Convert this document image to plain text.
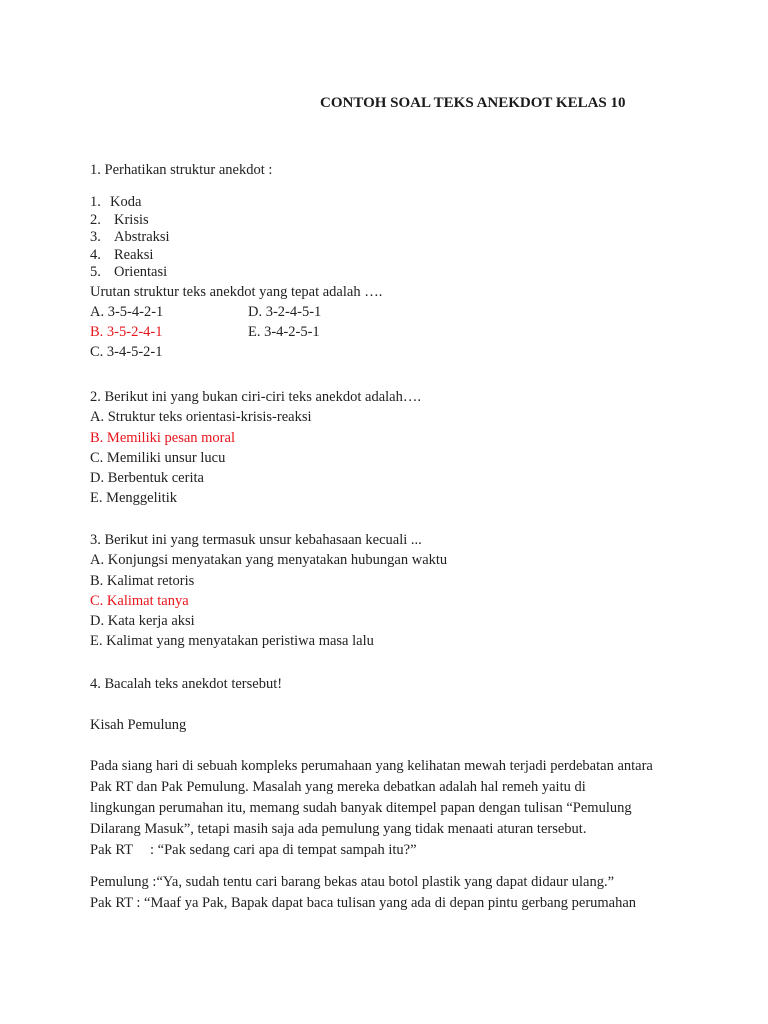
CONTOH SOAL TEKS ANEKDOT KELAS 10
1. Perhatikan struktur anekdot :
1. Koda
2. Krisis
3. Abstraksi
4. Reaksi
5. Orientasi
Urutan struktur teks anekdot yang tepat adalah ….
A. 3-5-4-2-1	D. 3-2-4-5-1
B. 3-5-2-4-1	E. 3-4-2-5-1
C. 3-4-5-2-1
2. Berikut ini yang bukan ciri-ciri teks anekdot adalah….
A. Struktur teks orientasi-krisis-reaksi
B. Memiliki pesan moral
C. Memiliki unsur lucu
D. Berbentuk cerita
E. Menggelitik
3. Berikut ini yang termasuk unsur kebahasaan kecuali ...
A. Konjungsi menyatakan yang menyatakan hubungan waktu
B. Kalimat retoris
C. Kalimat tanya
D. Kata kerja aksi
E. Kalimat yang menyatakan peristiwa masa lalu
4. Bacalah teks anekdot tersebut!
Kisah Pemulung
Pada siang hari di sebuah kompleks perumahaan yang kelihatan mewah terjadi perdebatan antara
Pak RT dan Pak Pemulung. Masalah yang mereka debatkan adalah hal remeh yaitu di
lingkungan perumahan itu, memang sudah banyak ditempel papan dengan tulisan “Pemulung
Dilarang Masuk”, tetapi masih saja ada pemulung yang tidak menaati aturan tersebut.
Pak RT : “Pak sedang cari apa di tempat sampah itu?”
Pemulung :“Ya, sudah tentu cari barang bekas atau botol plastik yang dapat didaur ulang.”
Pak RT : “Maaf ya Pak, Bapak dapat baca tulisan yang ada di depan pintu gerbang perumahan
